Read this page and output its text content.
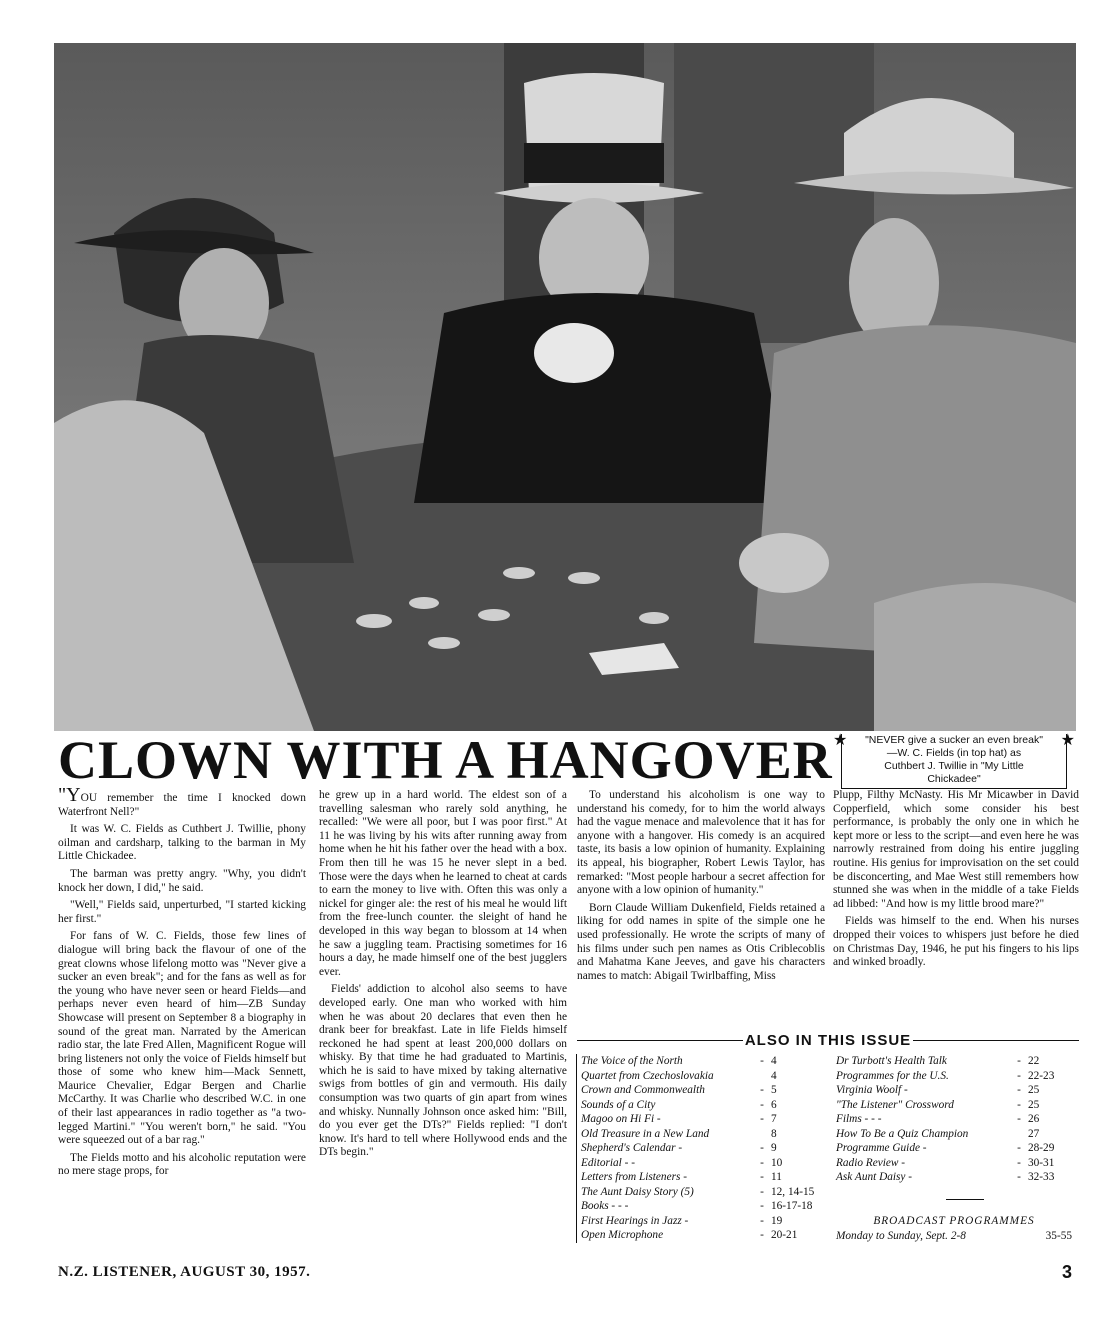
CLOWN WITH A HANGOVER ★	★
"NEVER give a sucker an even break"
—W. C. Fields (in top hat) as
Cuthbert J. Twillie in "My Little
Chickadee"

"YOU remember the time I knocked down Waterfront Nell?"

It was W. C. Fields as Cuthbert J. Twillie, phony oilman and cardsharp, talking to the barman in My Little Chickadee.

The barman was pretty angry. "Why, you didn't knock her down, I did," he said.

"Well," Fields said, unperturbed, "I started kicking her first."

For fans of W. C. Fields, those few lines of dialogue will bring back the flavour of one of the great clowns whose lifelong motto was "Never give a sucker an even break"; and for the fans as well as for the young who have never seen or heard Fields—and perhaps never even heard of him—ZB Sunday Showcase will present on September 8 a biography in sound of the great man. Narrated by the American radio star, the late Fred Allen, Magnificent Rogue will bring listeners not only the voice of Fields himself but those of some who knew him—Mack Sennett, Maurice Chevalier, Edgar Bergen and Charlie McCarthy. It was Charlie who described W.C. in one of their last appearances in radio together as "a two-legged Martini." "You weren't born," he said. "You were squeezed out of a bar rag."

The Fields motto and his alcoholic reputation were no mere stage props, for

he grew up in a hard world. The eldest son of a travelling salesman who rarely sold anything, he recalled: "We were all poor, but I was poor first." At 11 he was living by his wits after running away from home when he hit his father over the head with a box. From then till he was 15 he never slept in a bed. Those were the days when he learned to cheat at cards to earn the money to live with. Often this was only a nickel for ginger ale: the rest of his meal he would lift from the free-lunch counter. the sleight of hand he developed in this way began to blossom at 14 when he saw a juggling team. Practising sometimes for 16 hours a day, he made himself one of the best jugglers ever.

Fields' addiction to alcohol also seems to have developed early. One man who worked with him when he was about 20 declares that even then he drank beer for breakfast. Late in life Fields himself reckoned he had spent at least 200,000 dollars on whisky. By that time he had graduated to Martinis, which he is said to have mixed by taking alternative swigs from bottles of gin and vermouth. His daily consumption was two quarts of gin apart from wines and whisky. Nunnally Johnson once asked him: "Bill, do you ever get the DTs?" Fields replied: "I don't know. It's hard to tell where Hollywood ends and the DTs begin."

To understand his alcoholism is one way to understand his comedy, for to him the world always had the vague menace and malevolence that it has for anyone with a hangover. His comedy is an acquired taste, its basis a low opinion of humanity. Explaining its appeal, his biographer, Robert Lewis Taylor, has remarked: "Most people harbour a secret affection for anyone with a low opinion of humanity."

Born Claude William Dukenfield, Fields retained a liking for odd names in spite of the simple one he used professionally. He wrote the scripts of many of his films under such pen names as Otis Criblecoblis and Mahatma Kane Jeeves, and gave his characters names to match: Abigail Twirlbaffing, Miss

Plupp, Filthy McNasty. His Mr Micawber in David Copperfield, which some consider his best performance, is probably the only one in which he kept more or less to the script—and even here he was narrowly restrained from doing his entire juggling routine. His genius for improvisation on the set could be disconcerting, and Mae West still remembers how stunned she was when in the middle of a take Fields ad libbed: "And how is my little brood mare?"

Fields was himself to the end. When his nurses dropped their voices to whispers just before he died on Christmas Day, 1946, he put his fingers to his lips and winked broadly.

ALSO IN THIS ISSUE
The Voice of the North	- 4
Quartet from Czechoslovakia	4
Crown and Commonwealth	- 5
Sounds of a City	- 6
Magoo on Hi Fi -	- 7
Old Treasure in a New Land	8
Shepherd's Calendar -	- 9
Editorial - -	- 10
Letters from Listeners -	- 11
The Aunt Daisy Story (5)	- 12, 14-15
Books - - -	- 16-17-18
First Hearings in Jazz -	- 19
Open Microphone	- 20-21
Dr Turbott's Health Talk	- 22
Programmes for the U.S.	- 22-23
Virginia Woolf -	- 25
"The Listener" Crossword	- 25
Films - - -	- 26
How To Be a Quiz Champion	27
Programme Guide -	- 28-29
Radio Review -	- 30-31
Ask Aunt Daisy -	- 32-33
BROADCAST PROGRAMMES
Monday to Sunday, Sept. 2-8	35-55
N.Z. LISTENER, AUGUST 30, 1957.	3
